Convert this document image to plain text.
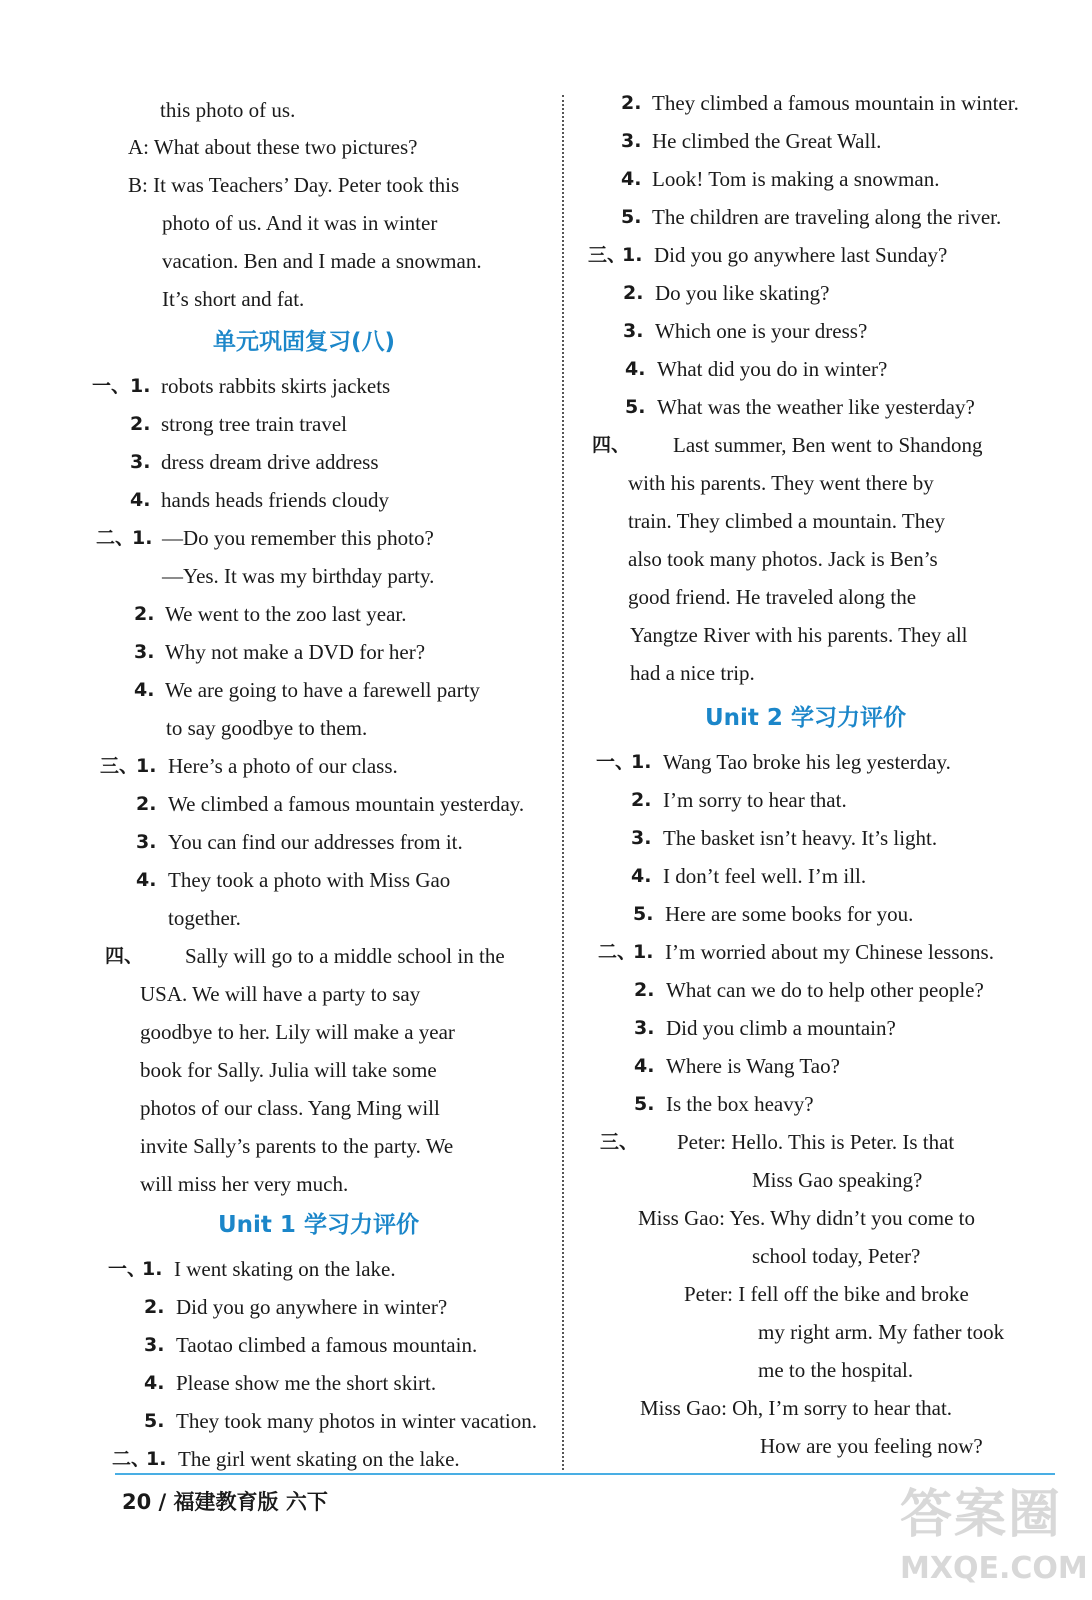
this photo of us.
A: What about these two pictures?
B: It was Teachers’ Day. Peter took this
photo of us. And it was in winter
vacation. Ben and I made a snowman.
It’s short and fat.
单元巩固复习(八)
一、 1. robots rabbits skirts jackets
2. strong tree train travel
3. dress dream drive address
4. hands heads friends cloudy
二、
1. —Do you remember this photo?
—Yes. It was my birthday party.
2. We went to the zoo last year.
3. Why not make a DVD for her?
4. We are going to have a farewell party
to say goodbye to them.
三、
1. Here’s a photo of our class.
2. We climbed a famous mountain yesterday.
3. You can find our addresses from it.
4. They took a photo with Miss Gao
together.
四、 Sally will go to a middle school in the
USA. We will have a party to say
goodbye to her. Lily will make a year
book for Sally. Julia will take some
photos of our class. Yang Ming will
invite Sally’s parents to the party. We
will miss her very much.
Unit 1 学习力评价
一、
1. I went skating on the lake.
2. Did you go anywhere in winter?
3. Taotao climbed a famous mountain.
4. Please show me the short skirt.
5. They took many photos in winter vacation.
二、
1. The girl went skating on the lake.
2. They climbed a famous mountain in winter.
3. He climbed the Great Wall.
4. Look! Tom is making a snowman.
5. The children are traveling along the river.
三、
1. Did you go anywhere last Sunday?
2. Do you like skating?
3. Which one is your dress?
4. What did you do in winter?
5. What was the weather like yesterday?
四、 Last summer, Ben went to Shandong
with his parents. They went there by
train. They climbed a mountain. They
also took many photos. Jack is Ben’s
good friend. He traveled along the
Yangtze River with his parents. They all
had a nice trip.
Unit 2 学习力评价
一、
1. Wang Tao broke his leg yesterday.
2. I’m sorry to hear that.
3. The basket isn’t heavy. It’s light.
4. I don’t feel well. I’m ill.
5. Here are some books for you.
二、
1. I’m worried about my Chinese lessons.
2. What can we do to help other people?
3. Did you climb a mountain?
4. Where is Wang Tao?
5. Is the box heavy?
三、 Peter: Hello. This is Peter. Is that
Miss Gao speaking?
Miss Gao: Yes. Why didn’t you come to
school today, Peter?
Peter: I fell off the bike and broke
my right arm. My father took
me to the hospital.
Miss Gao: Oh, I’m sorry to hear that.
How are you feeling now?
20 / 福建教育版 六下	答案圈
MXQE.COM
